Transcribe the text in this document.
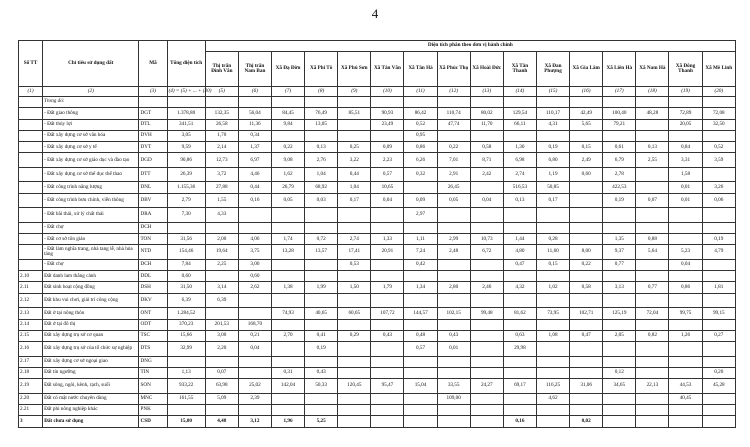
4
Số TT	Chỉ tiêu sử dụng đất	Mã	Tổng diện tích	Diện tích phân theo đơn vị hành chính															
				Thị trấn Đình Văn	Thị trấn Nam Ban	Xã Đạ Đờn	Xã Phi Tô	Xã Phú Sơn	Xã Tân Văn	Xã Tân Hà	Xã Phúc Thọ	Xã Hoài Đức	Xã Tân Thanh	Xã Đan Phượng	Xã Gia Lâm	Xã Liên Hà	Xã Nam Hà	Xã Đông Thanh	Xã Mê Linh
(1)	(2)	(3)	(4) = (5) + ... + (20)	(5)	(6)	(7)	(8)	(9)	(10)	(11)	(12)	(13)	(14)	(15)	(16)	(17)	(18)	(19)	(20)
	Trong đó:																		
	- Đất giao thông	DGT	1.378,80	132,35	56,04	84,45	76,49	85,51	90,93	86,42	110,74	80,02	129,54	110,17	42,49	100,40	48,28	72,89	72,08
	- Đất thủy lợi	DTL	341,51	26,58	11,36	9,84	13,05		23,49	0,52	47,74	11,70	66,11	4,31	5,65	79,21		20,05	32,50
	- Đất xây dựng cơ sở văn hóa	DVH	3,05	1,70	0,34					0,95									
	- Đất xây dựng cơ sở y tế	DYT	9,59	2,14	1,37	0,22	0,13	0,25	0,09	0,86	0,22	0,58	1,30	0,19	0,15	0,61	0,13	0,84	0,52
	- Đất xây dựng cơ sở giáo dục và đào tạo	DGD	90,86	12,73	6,97	9,08	2,76	3,22	2,23	6,26	7,01	8,71	6,98	6,80	2,49	6,79	2,55	3,31	3,59
	- Đất xây dựng cơ sở thể dục thể thao	DTT	26,39	3,72	4,46	1,62	1,04	0,44	0,57	0,32	2,91	2,42	2,74	1,19	0,60	2,78		1,58	
	- Đất công trình năng lượng	DNL	1.155,36	27,88	0,44	26,79	68,92	1,04	10,65		26,45		516,53	50,85		422,53		0,01	3,26
	- Đất công trình bưu chính, viễn thông	DBV	2,79	1,55	0,16	0,05	0,03	0,17	0,04	0,09	0,05	0,04	0,13	0,17		0,19	0,07	0,01	0,06
	- Đất bãi thải, xử lý chất thải	DRA	7,30	4,33						2,97									
	- Đất chợ	DCH																	
	- Đất cơ sở tôn giáo	TON	31,56	2,00	4,06	1,74	0,72	2,74	1,33	1,11	2,99	10,73	1,44	0,28		1,35	0,88		0,19
	- Đất làm nghĩa trang, nhà tang lễ, nhà hỏa táng	NTD	154,46	19,64	3,75	13,28	13,57	17,41	20,91	7,24	2,48	6,72	4,80	11,60	8,00	9,37	5,64	5,23	4,79
	- Đất chợ	DCH	7,84	2,25	3,00			0,53		0,42			0,47	0,15	0,22	0,77		0,04	
2.10	Đất danh lam thắng cảnh	DDL	0,60		0,60														
2.11	Đất sinh hoạt cộng đồng	DSH	31,50	3,14	2,62	1,38	1,99	1,50	1,79	1,34	2,80	2,46	4,32	1,02	0,58	3,13	0,77	0,86	1,81
2.12	Đất khu vui chơi, giải trí công cộng	DKV	6,39	6,39															
2.13	Đất ở tại nông thôn	ONT	1.284,52			74,93	40,65	60,65	107,72	144,57	102,15	99,48	81,62	73,95	102,71	125,19	72,04	99,75	99,15
2.14	Đất ở tại đô thị	ODT	370,23	201,53	168,70														
2.15	Đất xây dựng trụ sở cơ quan	TSC	15,66	3,00	0,21	2,70	0,41	0,29	0,43	0,48	0,43		0,63	1,08	0,47	2,05	0,82	1,26	0,27
2.16	Đất xây dựng trụ sở của tổ chức sự nghiệp	DTS	32,99	2,20	0,04		0,19			0,57	0,01		29,98						
2.17	Đất xây dựng cơ sở ngoại giao	DNG																	
2.18	Đất tín ngưỡng	TIN	1,13	0,07		0,31	0,43									0,12			0,20
2.19	Đất sông, ngòi, kênh, rạch, suối	SON	933,22	63,98	25,02	142,04	50,33	120,45	95,47	15,04	33,55	24,27	69,17	116,25	31,06	34,65	22,13	44,53	45,28
2.20	Đất có mặt nước chuyên dùng	MNC	161,55	5,09	2,39						109,00			4,62				40,45	
2.21	Đất phi nông nghiệp khác	PNK																	
3	Đất chưa sử dụng	CSD	15,00	4,48	3,12	1,96	5,25						0,16		0,02				
